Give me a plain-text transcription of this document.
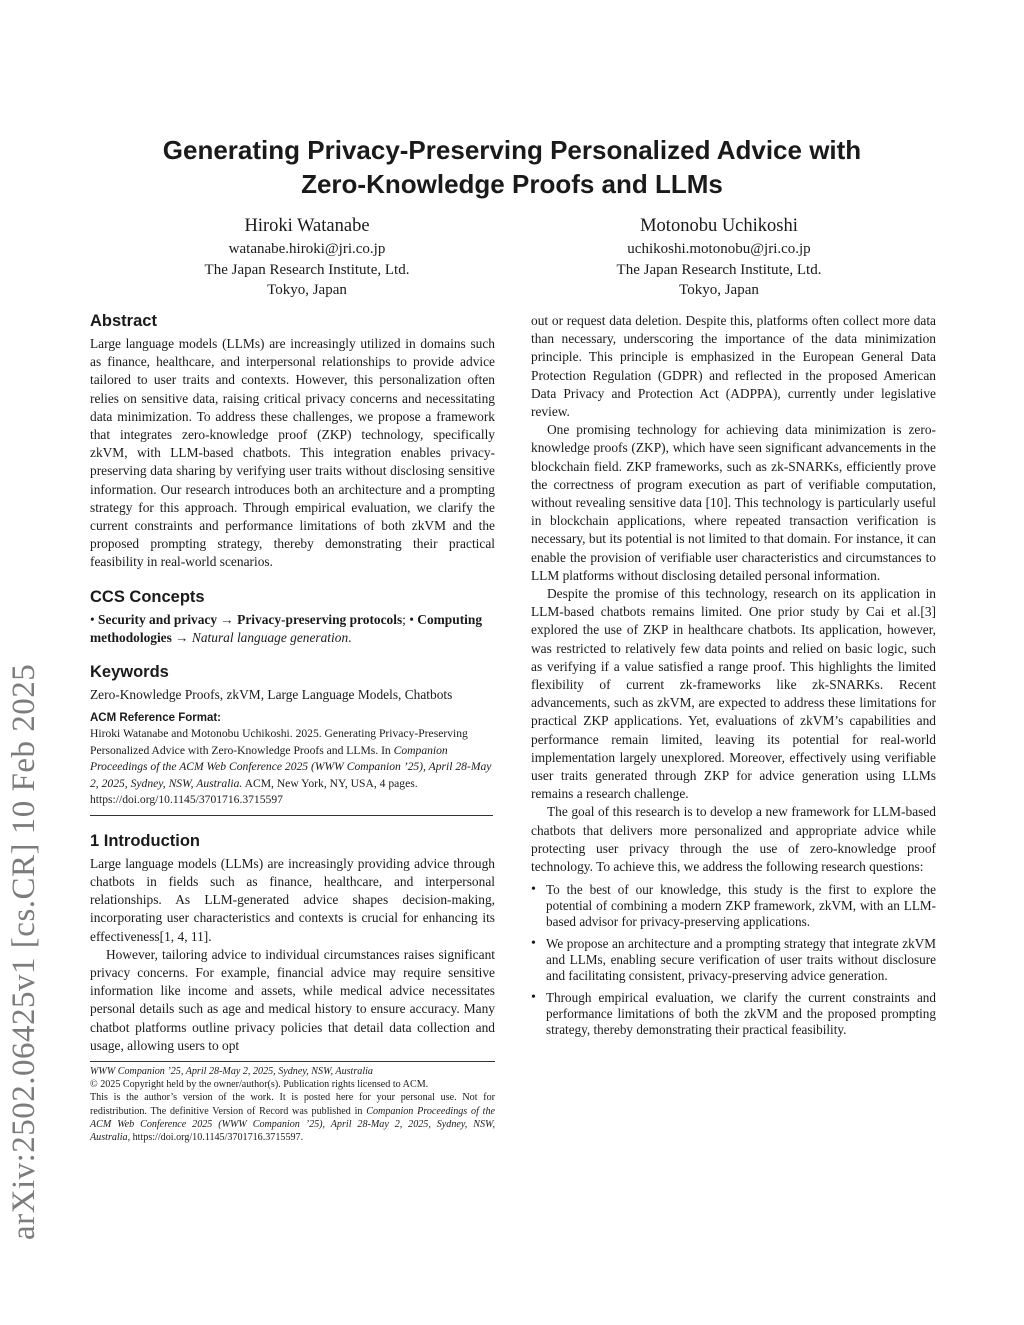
arXiv:2502.06425v1 [cs.CR] 10 Feb 2025
Generating Privacy-Preserving Personalized Advice with
Zero-Knowledge Proofs and LLMs
Hiroki Watanabe
watanabe.hiroki@jri.co.jp
The Japan Research Institute, Ltd.
Tokyo, Japan
Motonobu Uchikoshi
uchikoshi.motonobu@jri.co.jp
The Japan Research Institute, Ltd.
Tokyo, Japan
Abstract

Large language models (LLMs) are increasingly utilized in domains such as finance, healthcare, and interpersonal relationships to provide advice tailored to user traits and contexts. However, this personalization often relies on sensitive data, raising critical privacy concerns and necessitating data minimization. To address these challenges, we propose a framework that integrates zero-knowledge proof (ZKP) technology, specifically zkVM, with LLM-based chatbots. This integration enables privacy-preserving data sharing by verifying user traits without disclosing sensitive information. Our research introduces both an architecture and a prompting strategy for this approach. Through empirical evaluation, we clarify the current constraints and performance limitations of both zkVM and the proposed prompting strategy, thereby demonstrating their practical feasibility in real-world scenarios.

CCS Concepts

• Security and privacy → Privacy-preserving protocols; • Computing methodologies → Natural language generation.

Keywords

Zero-Knowledge Proofs, zkVM, Large Language Models, Chatbots

ACM Reference Format:

Hiroki Watanabe and Motonobu Uchikoshi. 2025. Generating Privacy-Preserving Personalized Advice with Zero-Knowledge Proofs and LLMs. In Companion Proceedings of the ACM Web Conference 2025 (WWW Companion ’25), April 28-May 2, 2025, Sydney, NSW, Australia. ACM, New York, NY, USA, 4 pages. https://doi.org/10.1145/3701716.3715597

1 Introduction

Large language models (LLMs) are increasingly providing advice through chatbots in fields such as finance, healthcare, and interpersonal relationships. As LLM-generated advice shapes decision-making, incorporating user characteristics and contexts is crucial for enhancing its effectiveness[1, 4, 11].

However, tailoring advice to individual circumstances raises significant privacy concerns. For example, financial advice may require sensitive information like income and assets, while medical advice necessitates personal details such as age and medical history to ensure accuracy. Many chatbot platforms outline privacy policies that detail data collection and usage, allowing users to opt

WWW Companion ’25, April 28-May 2, 2025, Sydney, NSW, Australia

© 2025 Copyright held by the owner/author(s). Publication rights licensed to ACM.

This is the author’s version of the work. It is posted here for your personal use. Not for redistribution. The definitive Version of Record was published in Companion Proceedings of the ACM Web Conference 2025 (WWW Companion ’25), April 28-May 2, 2025, Sydney, NSW, Australia, https://doi.org/10.1145/3701716.3715597.

out or request data deletion. Despite this, platforms often collect more data than necessary, underscoring the importance of the data minimization principle. This principle is emphasized in the European General Data Protection Regulation (GDPR) and reflected in the proposed American Data Privacy and Protection Act (ADPPA), currently under legislative review.

One promising technology for achieving data minimization is zero-knowledge proofs (ZKP), which have seen significant advancements in the blockchain field. ZKP frameworks, such as zk-SNARKs, efficiently prove the correctness of program execution as part of verifiable computation, without revealing sensitive data [10]. This technology is particularly useful in blockchain applications, where repeated transaction verification is necessary, but its potential is not limited to that domain. For instance, it can enable the provision of verifiable user characteristics and circumstances to LLM platforms without disclosing detailed personal information.

Despite the promise of this technology, research on its application in LLM-based chatbots remains limited. One prior study by Cai et al.[3] explored the use of ZKP in healthcare chatbots. Its application, however, was restricted to relatively few data points and relied on basic logic, such as verifying if a value satisfied a range proof. This highlights the limited flexibility of current zk-frameworks like zk-SNARKs. Recent advancements, such as zkVM, are expected to address these limitations for practical ZKP applications. Yet, evaluations of zkVM’s capabilities and performance remain limited, leaving its potential for real-world implementation largely unexplored. Moreover, effectively using verifiable user traits generated through ZKP for advice generation using LLMs remains a research challenge.

The goal of this research is to develop a new framework for LLM-based chatbots that delivers more personalized and appropriate advice while protecting user privacy through the use of zero-knowledge proof technology. To achieve this, we address the following research questions:

• To the best of our knowledge, this study is the first to explore the potential of combining a modern ZKP framework, zkVM, with an LLM-based advisor for privacy-preserving applications.
• We propose an architecture and a prompting strategy that integrate zkVM and LLMs, enabling secure verification of user traits without disclosure and facilitating consistent, privacy-preserving advice generation.
• Through empirical evaluation, we clarify the current constraints and performance limitations of both the zkVM and the proposed prompting strategy, thereby demonstrating their practical feasibility.
